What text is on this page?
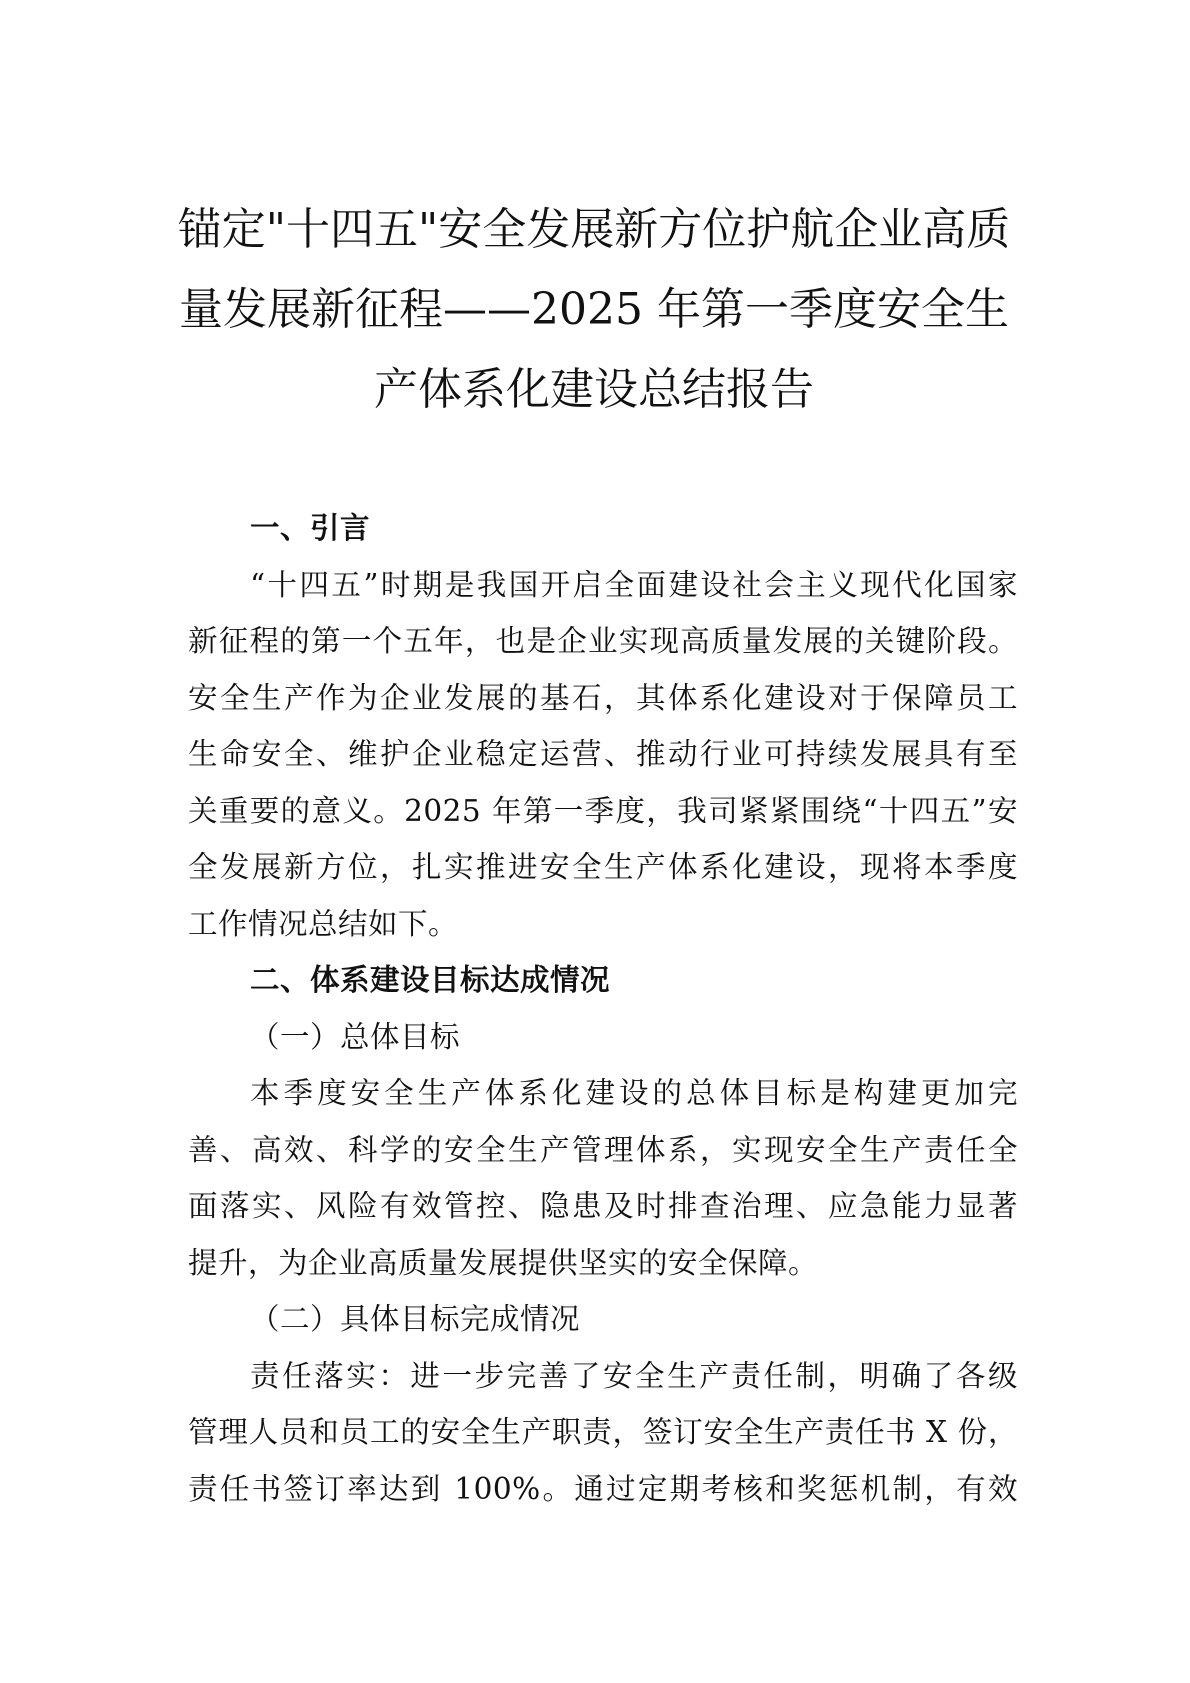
锚定"十四五"安全发展新方位护航企业高质
量发展新征程——2025 年第一季度安全生
产体系化建设总结报告
一、引言
“十四五”时期是我国开启全面建设社会主义现代化国家
新征程的第一个五年，也是企业实现高质量发展的关键阶段。
安全生产作为企业发展的基石，其体系化建设对于保障员工
生命安全、维护企业稳定运营、推动行业可持续发展具有至
关重要的意义。2025 年第一季度，我司紧紧围绕“十四五”安
全发展新方位，扎实推进安全生产体系化建设，现将本季度
工作情况总结如下。
二、体系建设目标达成情况
（一）总体目标
本季度安全生产体系化建设的总体目标是构建更加完
善、高效、科学的安全生产管理体系，实现安全生产责任全
面落实、风险有效管控、隐患及时排查治理、应急能力显著
提升，为企业高质量发展提供坚实的安全保障。
（二）具体目标完成情况
责任落实：进一步完善了安全生产责任制，明确了各级
管理人员和员工的安全生产职责，签订安全生产责任书 X 份，
责任书签订率达到 100%。通过定期考核和奖惩机制，有效
